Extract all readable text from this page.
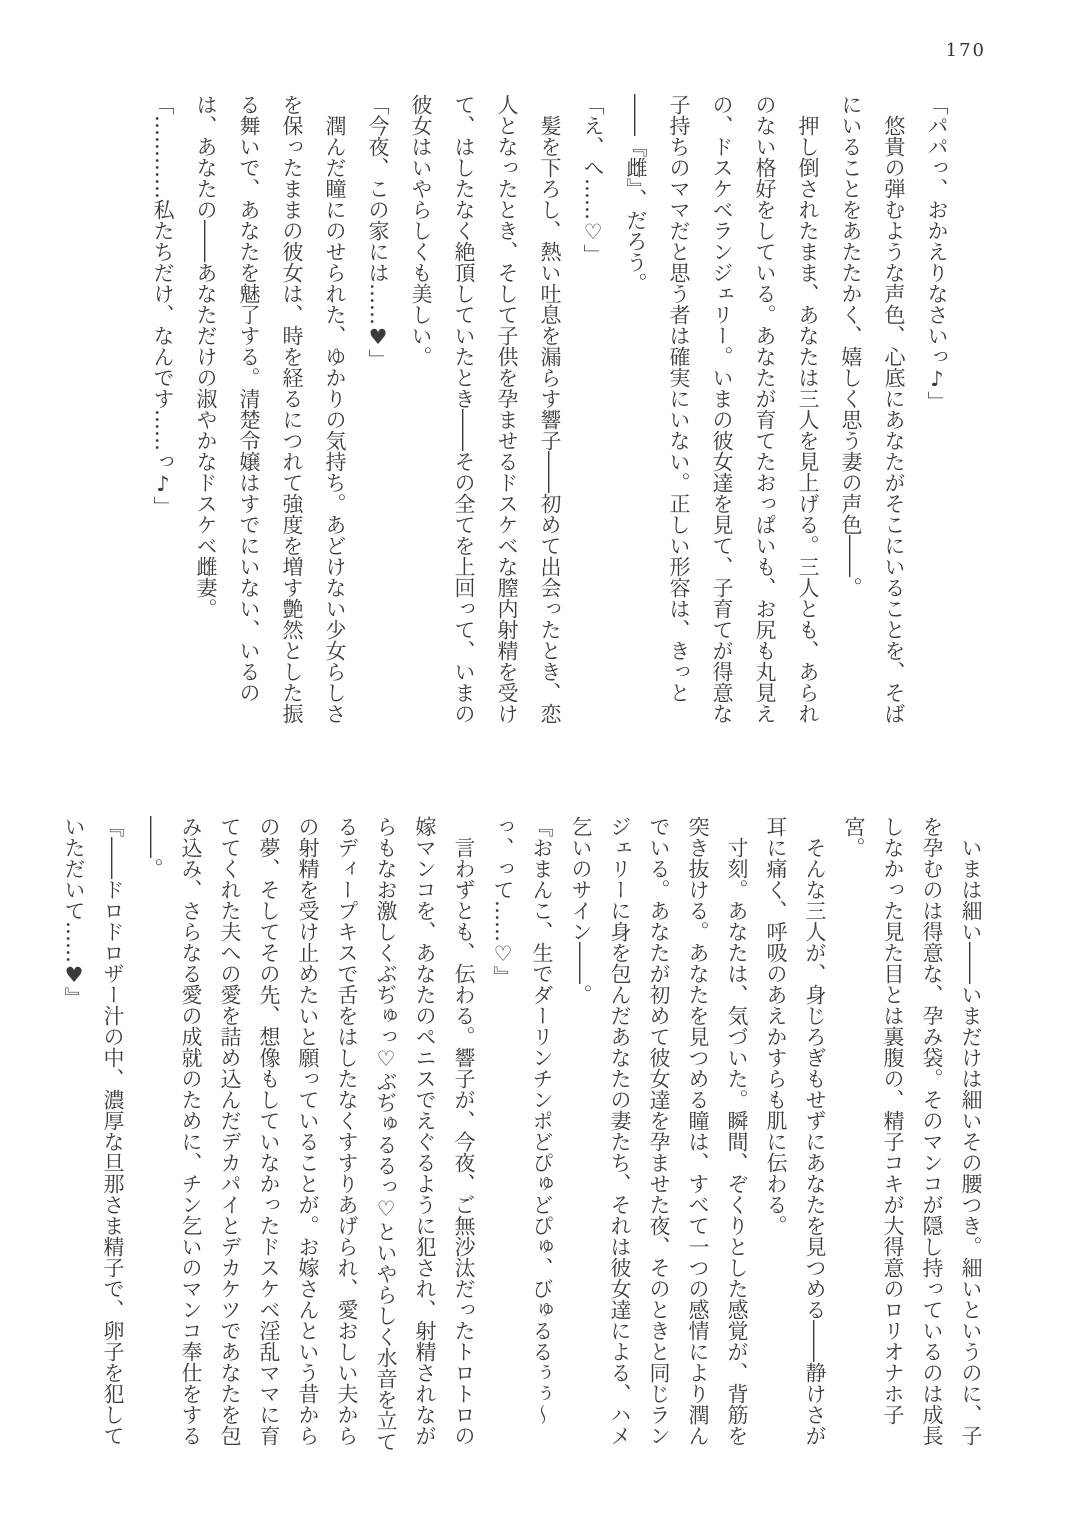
170

「パパっ、おかえりなさいっ♪」

悠貴の弾むような声色、心底にあなたがそこにいることを、そばにいることをあたたかく、嬉しく思う妻の声色――。

押し倒されたまま、あなたは三人を見上げる。三人とも、あられのない格好をしている。あなたが育てたおっぱいも、お尻も丸見えの、ドスケベランジェリー。いまの彼女達を見て、子育てが得意な子持ちのママだと思う者は確実にいない。正しい形容は、きっと

――『雌』、だろう。

「え、へ……♡」

髪を下ろし、熱い吐息を漏らす響子――初めて出会ったとき、恋人となったとき、そして子供を孕ませるドスケベな膣内射精を受けて、はしたなく絶頂していたとき――その全てを上回って、いまの彼女はいやらしくも美しい。

「今夜、この家には……♥」

潤んだ瞳にのせられた、ゆかりの気持ち。あどけない少女らしさを保ったままの彼女は、時を経るにつれて強度を増す艶然とした振る舞いで、あなたを魅了する。清楚令嬢はすでにいない、いるのは、あなたの――あなただけの淑やかなドスケベ雌妻。

「…………私たちだけ、なんです……っ♪」

いまは細い――いまだけは細いその腰つき。細いというのに、子を孕むのは得意な、孕み袋。そのマンコが隠し持っているのは成長しなかった見た目とは裏腹の、精子コキが大得意のロリオナホ子宮。

そんな三人が、身じろぎもせずにあなたを見つめる――静けさが耳に痛く、呼吸のあえかすらも肌に伝わる。

寸刻。あなたは、気づいた。瞬間、ぞくりとした感覚が、背筋を突き抜ける。あなたを見つめる瞳は、すべて一つの感情により潤んでいる。あなたが初めて彼女達を孕ませた夜、そのときと同じランジェリーに身を包んだあなたの妻たち、それは彼女達による、ハメ乞いのサイン――。

『おまんこ、生でダーリンチンポどぴゅどぴゅ、びゅるるぅぅ〜っ、って……♡』

言わずとも、伝わる。響子が、今夜、ご無沙汰だったトロトロの嫁マンコを、あなたのペニスでえぐるように犯され、射精されながらもなお激しくぶぢゅっ♡ぶぢゅるるっ♡といやらしく水音を立てるディープキスで舌をはしたなくすすりあげられ、愛おしい夫からの射精を受け止めたいと願っていることが。お嫁さんという昔からの夢、そしてその先、想像もしていなかったドスケベ淫乱ママに育ててくれた夫への愛を詰め込んだデカパイとデカケツであなたを包み込み、さらなる愛の成就のために、チン乞いのマンコ奉仕をする――。

『――ドロドロザー汁の中、濃厚な旦那さま精子で、卵子を犯していただいて……♥』
